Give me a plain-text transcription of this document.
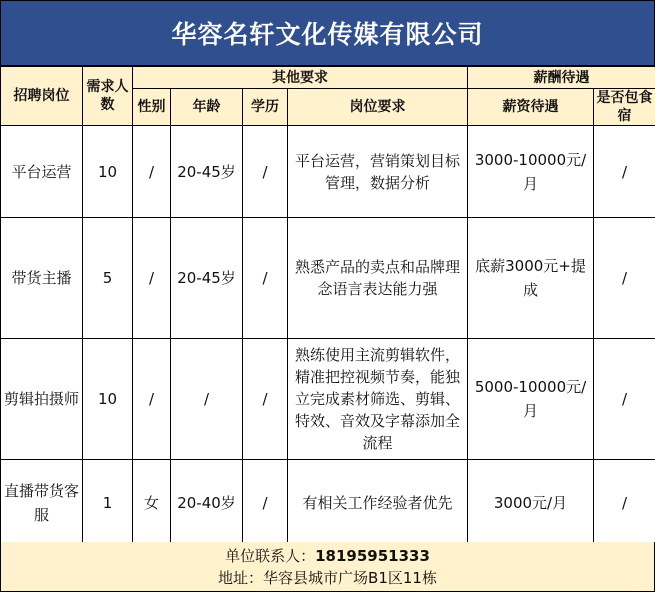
华容名轩文化传媒有限公司
招聘岗位	需求人数	其他要求				薪酬待遇	
		性别	年龄	学历	岗位要求	薪资待遇	是否包食宿
平台运营	10	/	20-45岁	/	平台运营，营销策划目标管理，数据分析	3000-10000元/月	/
带货主播	5	/	20-45岁	/	熟悉产品的卖点和品牌理念语言表达能力强	底薪3000元+提成	/
剪辑拍摄师	10	/	/	/	熟练使用主流剪辑软件，精准把控视频节奏，能独立完成素材筛选、剪辑、特效、音效及字幕添加全流程	5000-10000元/月	/
直播带货客服	1	女	20-40岁	/	有相关工作经验者优先	3000元/月	/
单位联系人：18195951333
地址：华容县城市广场B1区11栋
